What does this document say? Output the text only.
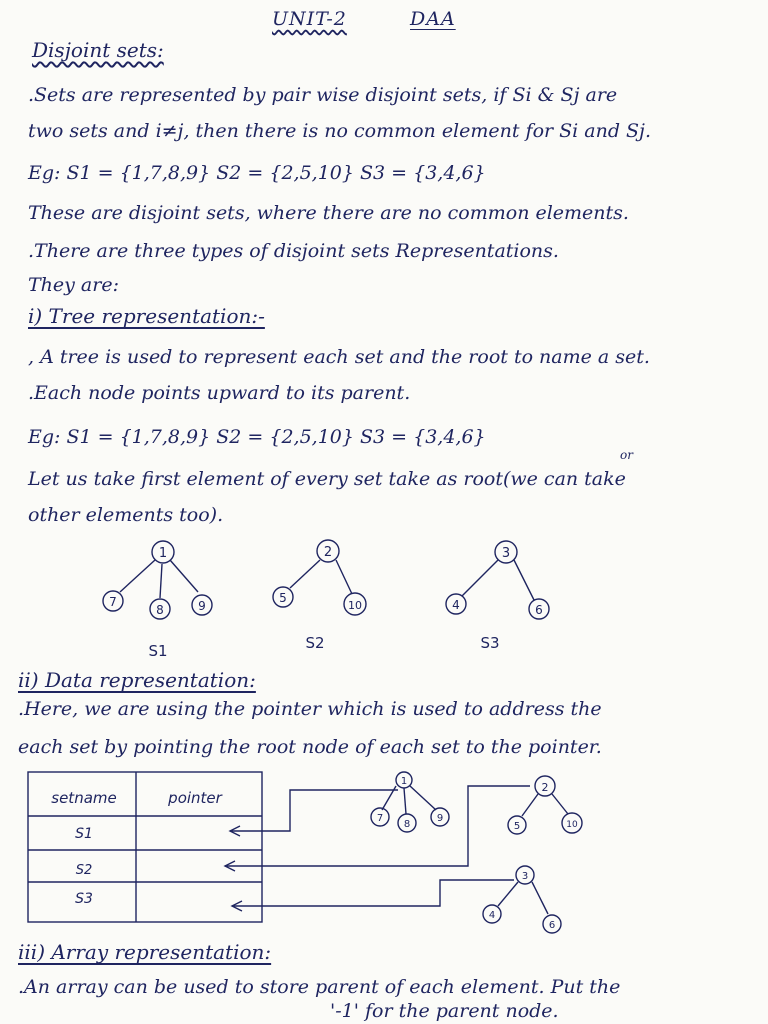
UNIT-2	DAA
Disjoint sets:
.Sets are represented by pair wise disjoint sets, if Si & Sj are
two sets and i≠j, then there is no common element for Si and Sj.
Eg: S1 = {1,7,8,9} S2 = {2,5,10} S3 = {3,4,6}
These are disjoint sets, where there are no common elements.
.There are three types of disjoint sets Representations.
They are:
i) Tree representation:-
, A tree is used to represent each set and the root to name a set.
.Each node points upward to its parent.
Eg: S1 = {1,7,8,9} S2 = {2,5,10} S3 = {3,4,6}
or
Let us take first element of every set take as root(we can take
other elements too).
ii) Data representation:
.Here, we are using the pointer which is used to address the
each set by pointing the root node of each set to the pointer.
iii) Array representation:
.An array can be used to store parent of each element. Put the
'-1' for the parent node.
1
7
8	9
S1
2
5
10
S2
3
4	6
S3
setname	pointer
S1
S2
S3
1
7
8
9
2
5	10
3
4
6
